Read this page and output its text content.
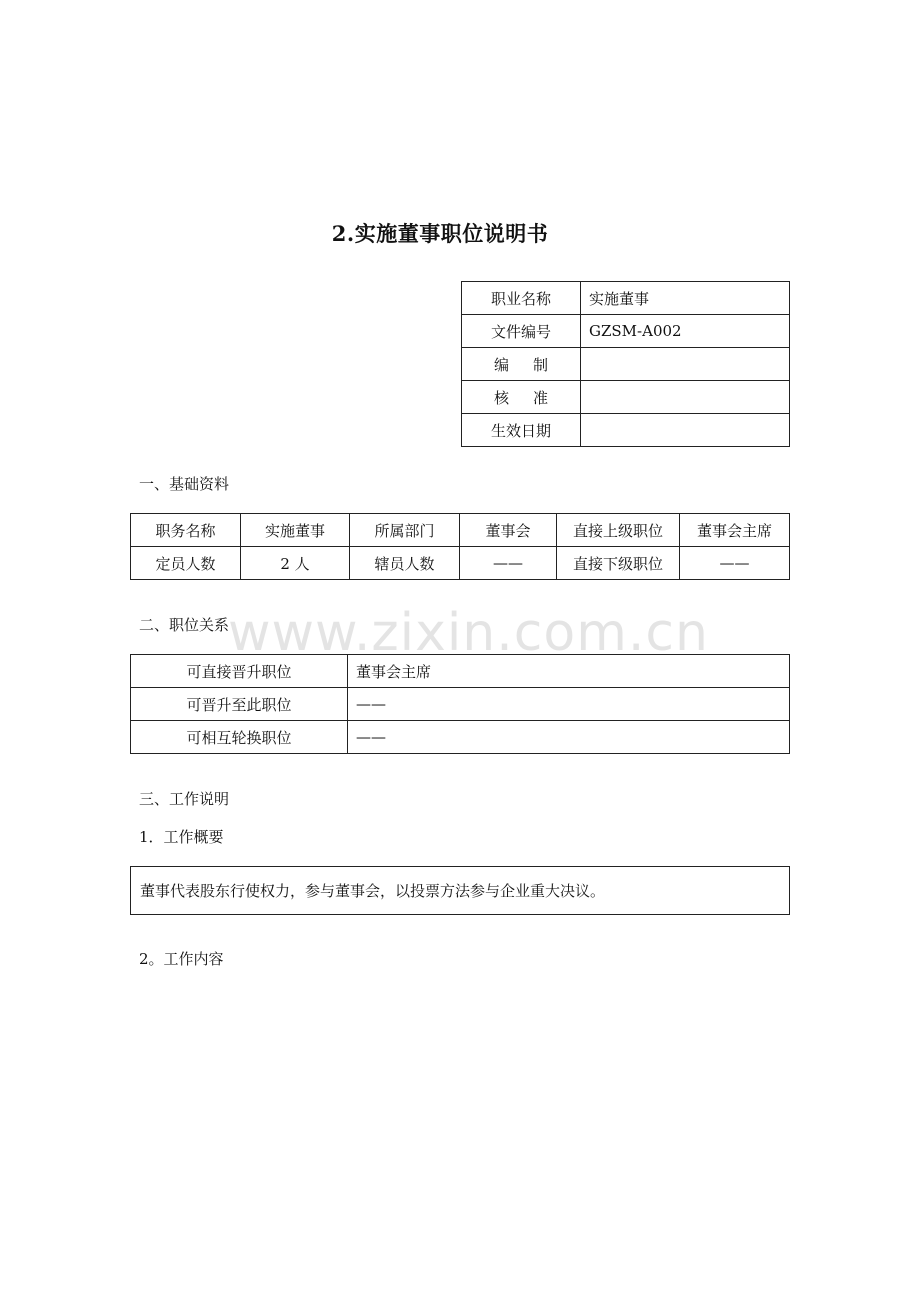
2.实施董事职位说明书
职业名称	实施董事
文件编号	GZSM-A002
编制	
核准	
生效日期	
一、基础资料
职务名称	实施董事	所属部门	董事会	直接上级职位	董事会主席
定员人数	2 人	辖员人数	——	直接下级职位	——
二、职位关系
www.zixin.com.cn
可直接晋升职位	董事会主席
可晋升至此职位	——
可相互轮换职位	——
三、工作说明
1．工作概要
董事代表股东行使权力，参与董事会，以投票方法参与企业重大决议。
2。工作内容
